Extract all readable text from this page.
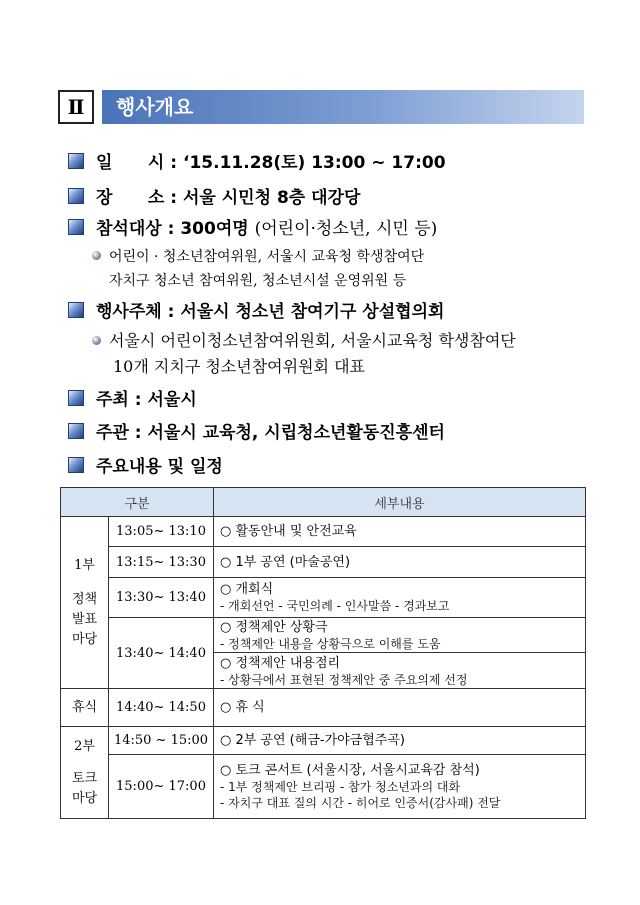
Ⅱ	행사개요
일      시 : ‘15.11.28(토) 13:00 ~ 17:00
장      소 : 서울 시민청 8층 대강당
참석대상 : 300여명 (어린이·청소년, 시민 등)
어린이 · 청소년참여위원, 서울시 교육청 학생참여단
자치구 청소년 참여위원, 청소년시설 운영위원 등
행사주체 : 서울시 청소년 참여기구 상설협의회
서울시 어린이청소년참여위원회, 서울시교육청 학생참여단
10개 지치구 청소년참여위원회 대표
주최 : 서울시
주관 : 서울시 교육청, 시립청소년활동진흥센터
주요내용 및 일정
구분		세부내용

1부
정책
발표
마당	13:05~ 13:10	○ 활동안내 및 안전교육

	13:15~ 13:30	○ 1부 공연 (마술공연)

	13:30~ 13:40	○ 개회식
- 개회선언 - 국민의례 - 인사말씀 - 경과보고

	13:40~ 14:40	○ 정책제안 상황극
- 정책제안 내용을 상황극으로 이해를 도움
○ 정책제안 내용점리
- 상황극에서 표현된 정책제안 중 주요의제 선정

휴식	14:40~ 14:50	○ 휴 식

2부
토크
마당	14:50 ~ 15:00	○ 2부 공연 (해금-가야금협주곡)

	15:00~ 17:00	○ 토크 콘서트 (서울시장, 서울시교육감 참석)
- 1부 정책제안 브리핑 - 참가 청소년과의 대화
- 자치구 대표 질의 시간 - 히어로 인증서(감사패) 전달
